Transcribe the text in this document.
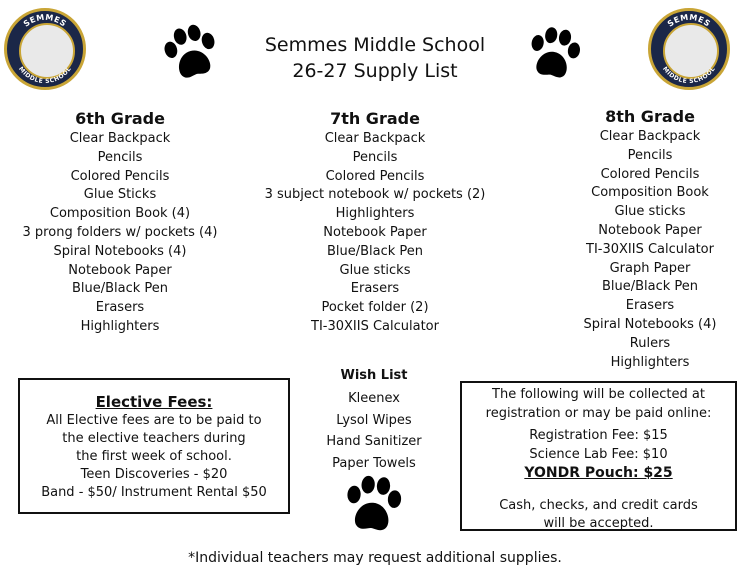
SEMMES
MIDDLE SCHOOL
SEMMES
MIDDLE SCHOOL
Semmes Middle School
26-27 Supply List
6th Grade
Clear Backpack
Pencils
Colored Pencils
Glue Sticks
Composition Book (4)
3 prong folders w/ pockets (4)
Spiral Notebooks (4)
Notebook Paper
Blue/Black Pen
Erasers
Highlighters
7th Grade
Clear Backpack
Pencils
Colored Pencils
3 subject notebook w/ pockets (2)
Highlighters
Notebook Paper
Blue/Black Pen
Glue sticks
Erasers
Pocket folder (2)
TI-30XIIS Calculator
8th Grade
Clear Backpack
Pencils
Colored Pencils
Composition Book
Glue sticks
Notebook Paper
TI-30XIIS Calculator
Graph Paper
Blue/Black Pen
Erasers
Spiral Notebooks (4)
Rulers
Highlighters
Wish List
Kleenex
Lysol Wipes
Hand Sanitizer
Paper Towels
Elective Fees:
All Elective fees are to be paid to
the elective teachers during
the first week of school.
Teen Discoveries - $20
Band - $50/ Instrument Rental $50
The following will be collected at
registration or may be paid online:
Registration Fee: $15
Science Lab Fee: $10
YONDR Pouch: $25
Cash, checks, and credit cards
will be accepted.
*Individual teachers may request additional supplies.
